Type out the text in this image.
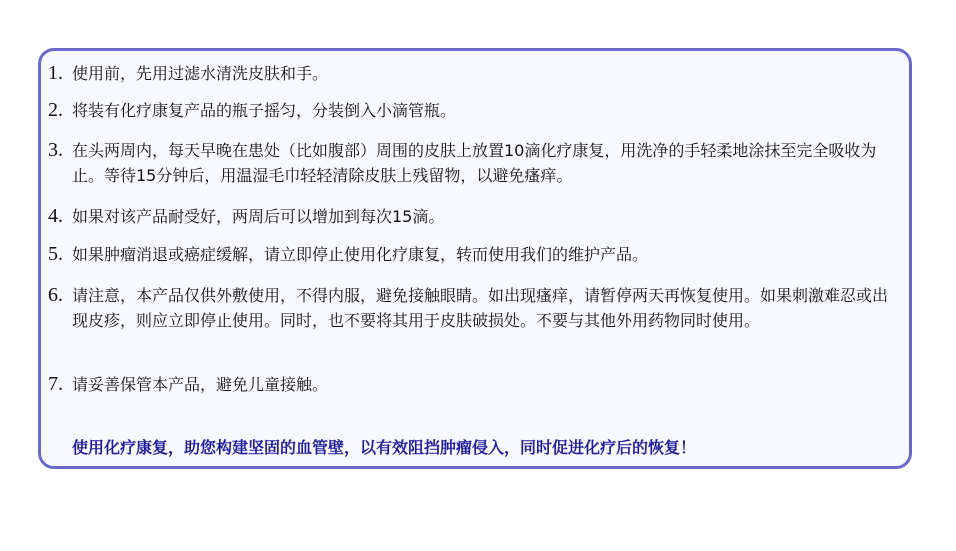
1. 使用前，先用过滤水清洗皮肤和手。
2. 将装有化疗康复产品的瓶子摇匀，分装倒入小滴管瓶。
3. 在头两周内，每天早晚在患处（比如腹部）周围的皮肤上放置10滴化疗康复，用洗净的手轻柔地涂抹至完全吸收为止。等待15分钟后，用温湿毛巾轻轻清除皮肤上残留物，以避免瘙痒。
4. 如果对该产品耐受好，两周后可以增加到每次15滴。
5. 如果肿瘤消退或癌症缓解，请立即停止使用化疗康复，转而使用我们的维护产品。
6. 请注意，本产品仅供外敷使用，不得内服，避免接触眼睛。如出现瘙痒，请暂停两天再恢复使用。如果刺激难忍或出现皮疹，则应立即停止使用。同时，也不要将其用于皮肤破损处。不要与其他外用药物同时使用。
7. 请妥善保管本产品，避免儿童接触。
使用化疗康复，助您构建坚固的血管壁，以有效阻挡肿瘤侵入，同时促进化疗后的恢复！
